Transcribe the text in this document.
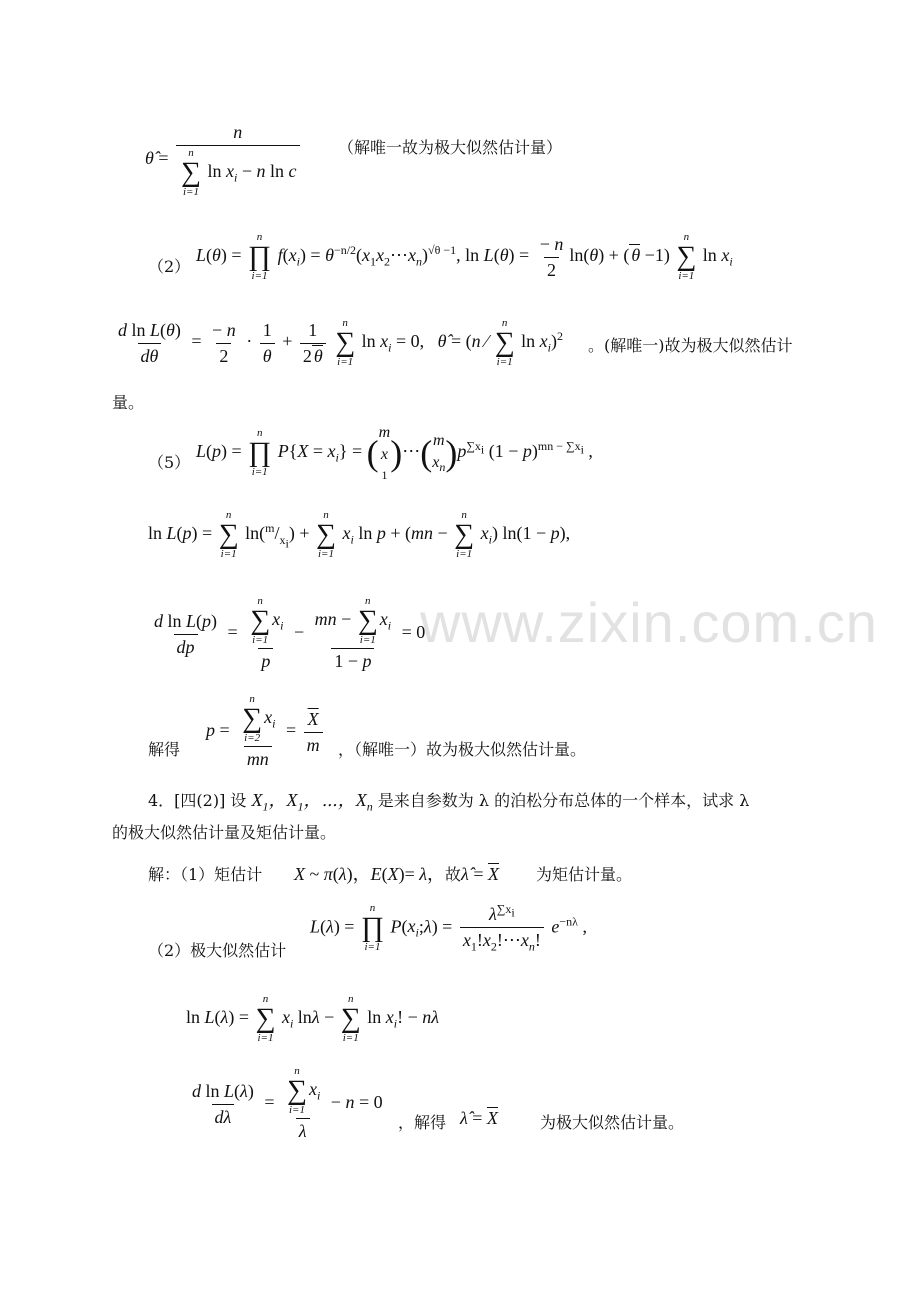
www.zixin.com.cn
θ̂ = n
n
∑
i=1
$\ln x_i - n$ ln c （解唯一故为极大似然估计量）
（2）
L(θ) =
n
∏
i=1
$f(x_i)$ = $\theta^{-n/2}(x_1x_2\cdots x_n)^{√\theta -1}$, $\ln L(\theta) = \frac{- n}{2} \ln(\theta)$ + ( θ −1)
n
∑
i=1
$\ln x_i$
$\frac{\text{d ln L(θ)}}{d\theta} = \frac{- n}{2} \cdot \frac{1}{\theta} + \frac{1}{2 \theta}$
n
∑
i=1
$\ln x_i = 0$,   θ̂ = (n ⁄
n
∑
i=1
$\ln x_i)^2$ 。(解唯一)故为极大似然估计
量。
（5）
L(p) =
n
∏
i=1
$P\{X = x_i\}$ = (
m
x
1
)⋯( m
$x_n$ )$p^{\sum x_i}$ $(1 - p)^{mn - \sum x_i}$ ,
ln L(p) =
n
∑
i=1
$\ln(^m/_{x_i})$ +
n
∑
i=1
$x_i$ ln p + (mn −
n
∑
i=1
$x_i$) ln(1 − p),
$\frac{\text{d ln L(p)}}{dp} = n$
∑
i=1
$x_i$
p − mn −
n
∑
i=1
$x_i$
1 − p = 0
解得
p = n
∑
i=2
$x_i$
mn = $\frac{\overline{X}}{m}$ ，（解唯一）故为极大似然估计量。
4．[四(2)] 设 $X_1$，$X_1$，⋯，$X_n$ 是来自参数为 λ 的泊松分布总体的一个样本，试求 λ
的极大似然估计量及矩估计量。
解：（1）矩估计 X ~ π(λ)，E(X)= λ，故λ̂ = $\overline{X}$ 为矩估计量。
（2）极大似然估计
L(λ) =
n
∏
i=1
$P(x_i;\lambda) = \frac{\lambda^{\sum x_i}}{x_1!x_2!\cdots x_n!} e^{-n\lambda}$ ,
ln L(λ) =
n
∑
i=1
$x_i$ lnλ −
n
∑
i=1
$\ln x_i$! − nλ
$\frac{\text{d ln L(λ)}}{d\lambda} = n$
∑
i=1
$x_i$
λ − n = 0
，解得 λ̂ = $\overline{X}$	为极大似然估计量。
